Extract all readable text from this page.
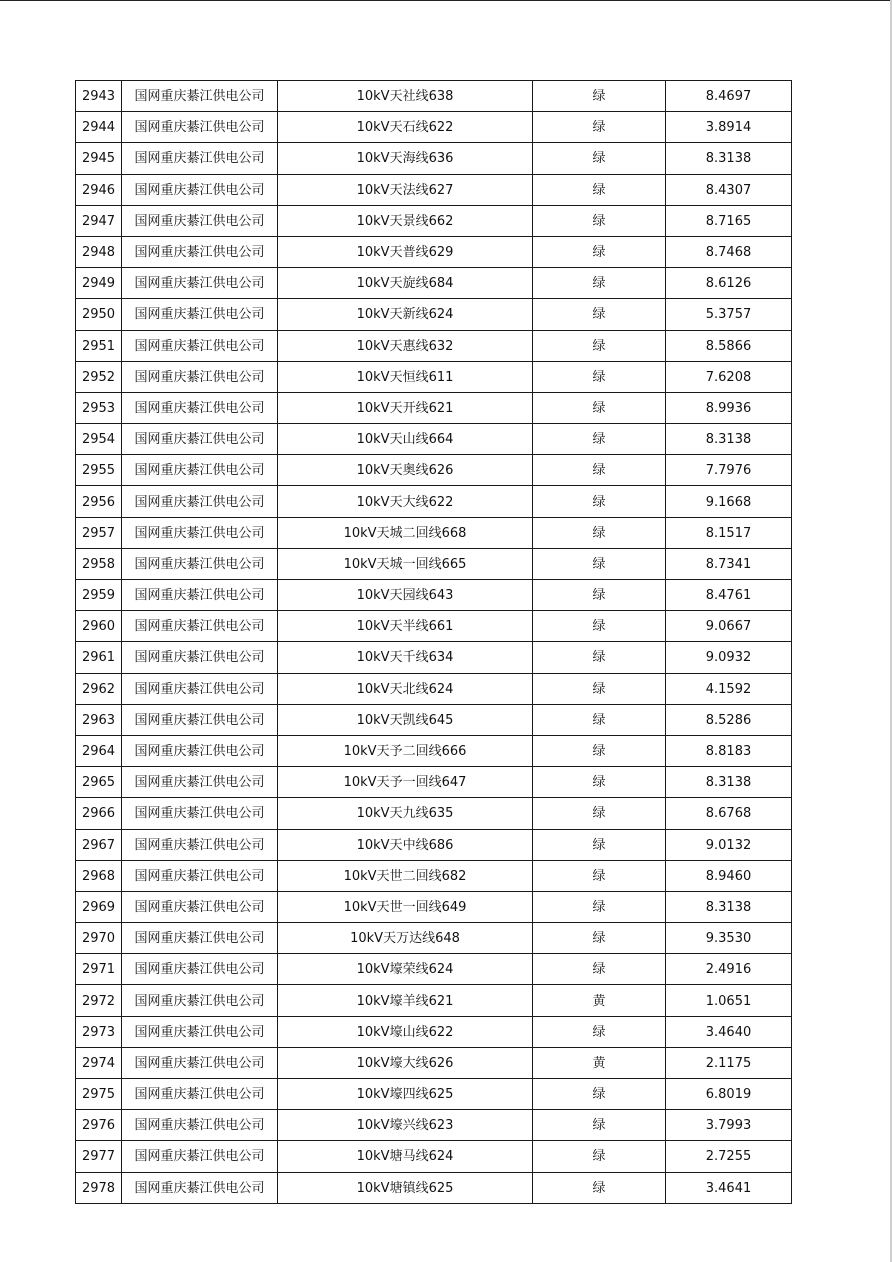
2943	国网重庆綦江供电公司	10kV天社线638	绿	8.4697
2944	国网重庆綦江供电公司	10kV天石线622	绿	3.8914
2945	国网重庆綦江供电公司	10kV天海线636	绿	8.3138
2946	国网重庆綦江供电公司	10kV天法线627	绿	8.4307
2947	国网重庆綦江供电公司	10kV天景线662	绿	8.7165
2948	国网重庆綦江供电公司	10kV天普线629	绿	8.7468
2949	国网重庆綦江供电公司	10kV天旋线684	绿	8.6126
2950	国网重庆綦江供电公司	10kV天新线624	绿	5.3757
2951	国网重庆綦江供电公司	10kV天惠线632	绿	8.5866
2952	国网重庆綦江供电公司	10kV天恒线611	绿	7.6208
2953	国网重庆綦江供电公司	10kV天开线621	绿	8.9936
2954	国网重庆綦江供电公司	10kV天山线664	绿	8.3138
2955	国网重庆綦江供电公司	10kV天奥线626	绿	7.7976
2956	国网重庆綦江供电公司	10kV天大线622	绿	9.1668
2957	国网重庆綦江供电公司	10kV天城二回线668	绿	8.1517
2958	国网重庆綦江供电公司	10kV天城一回线665	绿	8.7341
2959	国网重庆綦江供电公司	10kV天园线643	绿	8.4761
2960	国网重庆綦江供电公司	10kV天半线661	绿	9.0667
2961	国网重庆綦江供电公司	10kV天千线634	绿	9.0932
2962	国网重庆綦江供电公司	10kV天北线624	绿	4.1592
2963	国网重庆綦江供电公司	10kV天凯线645	绿	8.5286
2964	国网重庆綦江供电公司	10kV天予二回线666	绿	8.8183
2965	国网重庆綦江供电公司	10kV天予一回线647	绿	8.3138
2966	国网重庆綦江供电公司	10kV天九线635	绿	8.6768
2967	国网重庆綦江供电公司	10kV天中线686	绿	9.0132
2968	国网重庆綦江供电公司	10kV天世二回线682	绿	8.9460
2969	国网重庆綦江供电公司	10kV天世一回线649	绿	8.3138
2970	国网重庆綦江供电公司	10kV天万达线648	绿	9.3530
2971	国网重庆綦江供电公司	10kV壕荣线624	绿	2.4916
2972	国网重庆綦江供电公司	10kV壕羊线621	黄	1.0651
2973	国网重庆綦江供电公司	10kV壕山线622	绿	3.4640
2974	国网重庆綦江供电公司	10kV壕大线626	黄	2.1175
2975	国网重庆綦江供电公司	10kV壕四线625	绿	6.8019
2976	国网重庆綦江供电公司	10kV壕兴线623	绿	3.7993
2977	国网重庆綦江供电公司	10kV塘马线624	绿	2.7255
2978	国网重庆綦江供电公司	10kV塘镇线625	绿	3.4641
